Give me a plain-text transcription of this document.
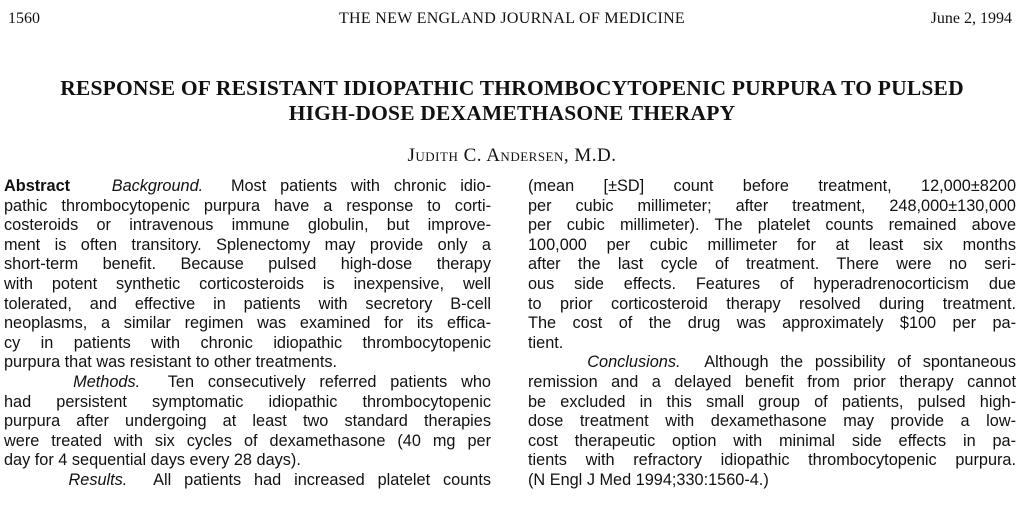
1560	THE NEW ENGLAND JOURNAL OF MEDICINE	June 2, 1994
RESPONSE OF RESISTANT IDIOPATHIC THROMBOCYTOPENIC PURPURA TO PULSED
HIGH-DOSE DEXAMETHASONE THERAPY
Judith C. Andersen, M.D.
Abstract	Background. Most patients with chronic idio-
pathic thrombocytopenic purpura have a response to corti-
costeroids or intravenous immune globulin, but improve-
ment is often transitory. Splenectomy may provide only a
short-term benefit. Because pulsed high-dose therapy
with potent synthetic corticosteroids is inexpensive, well
tolerated, and effective in patients with secretory B-cell
neoplasms, a similar regimen was examined for its effica-
cy in patients with chronic idiopathic thrombocytopenic
purpura that was resistant to other treatments.
Methods. Ten consecutively referred patients who
had persistent symptomatic idiopathic thrombocytopenic
purpura after undergoing at least two standard therapies
were treated with six cycles of dexamethasone (40 mg per
day for 4 sequential days every 28 days).
Results. All patients had increased platelet counts
(mean [±SD] count before treatment, 12,000±8200
per cubic millimeter; after treatment, 248,000±130,000
per cubic millimeter). The platelet counts remained above
100,000 per cubic millimeter for at least six months
after the last cycle of treatment. There were no seri-
ous side effects. Features of hyperadrenocorticism due
to prior corticosteroid therapy resolved during treatment.
The cost of the drug was approximately $100 per pa-
tient.
Conclusions. Although the possibility of spontaneous
remission and a delayed benefit from prior therapy cannot
be excluded in this small group of patients, pulsed high-
dose treatment with dexamethasone may provide a low-
cost therapeutic option with minimal side effects in pa-
tients with refractory idiopathic thrombocytopenic purpura.
(N Engl J Med 1994;330:1560-4.)
